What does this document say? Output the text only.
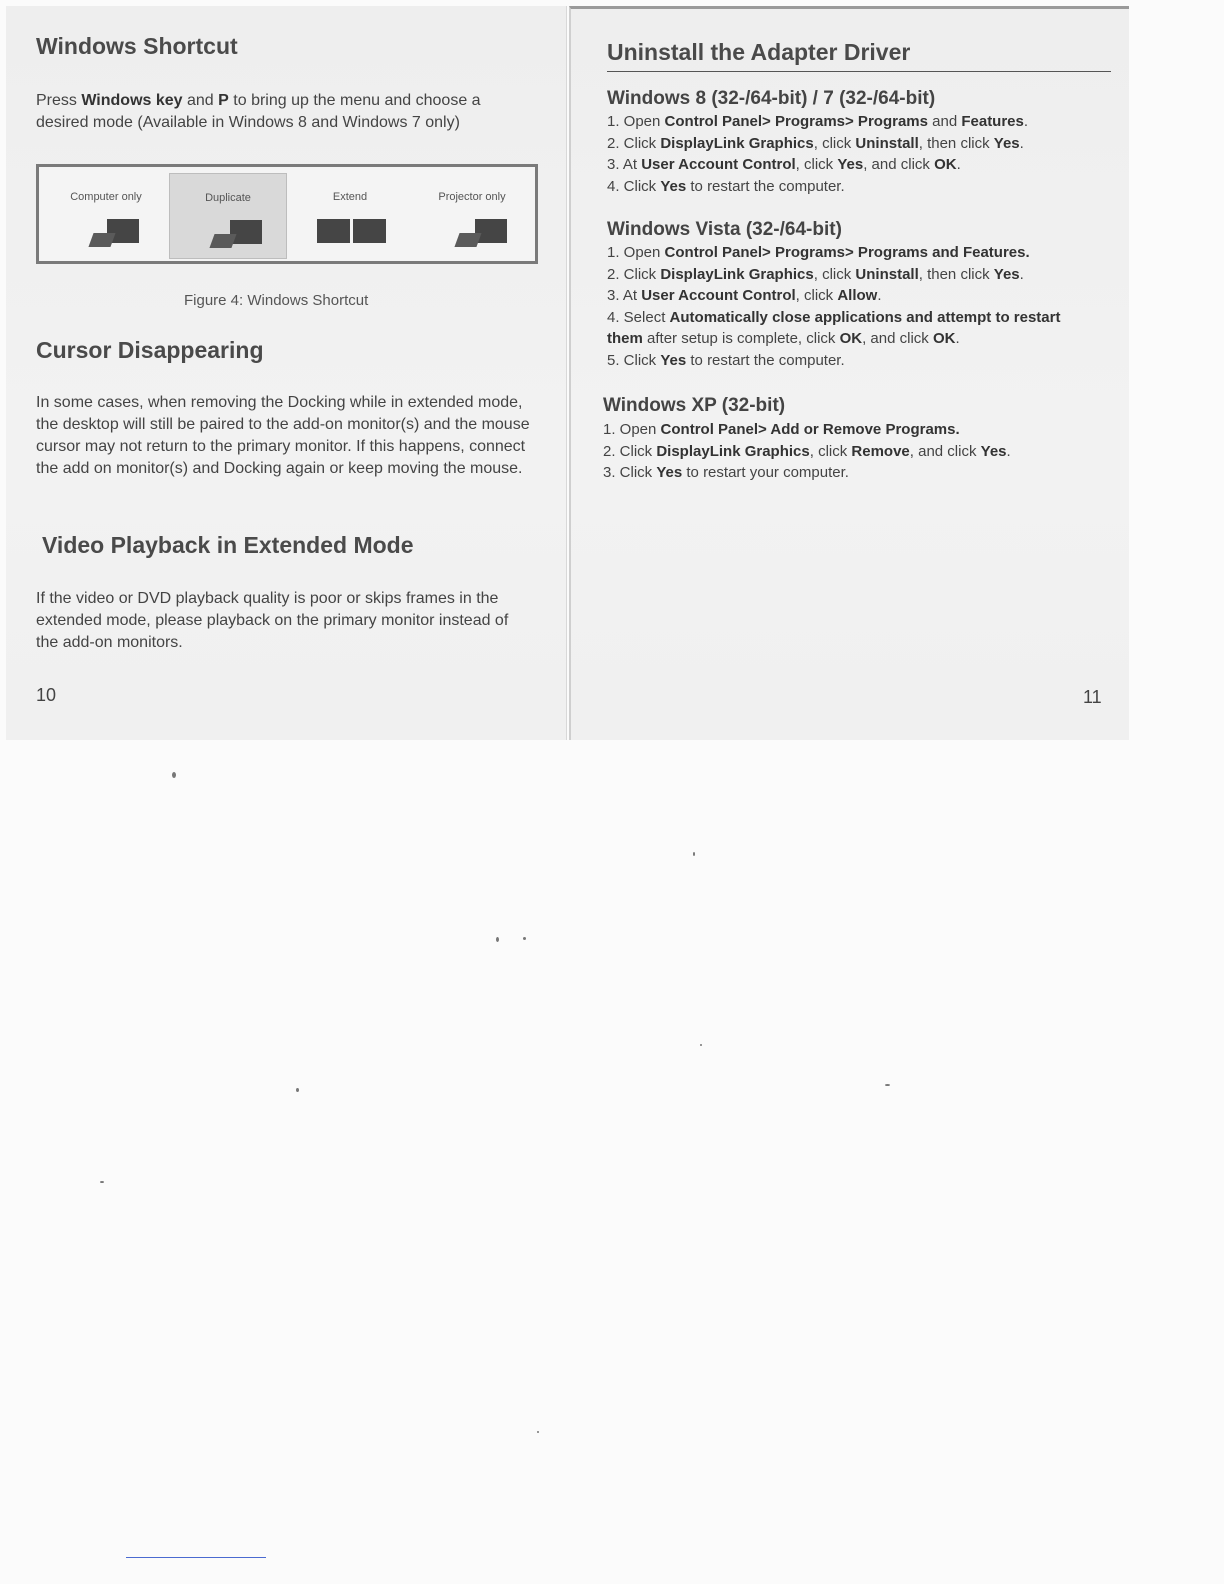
Windows Shortcut

Press Windows key and P to bring up the menu and choose a desired mode (Available in Windows 8 and Windows 7 only)

Computer only	Duplicate	Extend	Projector only
Figure 4: Windows Shortcut
Cursor Disappearing

In some cases, when removing the Docking while in extended mode, the desktop will still be paired to the add-on monitor(s) and the mouse cursor may not return to the primary monitor. If this happens, connect the add on monitor(s) and Docking again or keep moving the mouse.

Video Playback in Extended Mode

If the video or DVD playback quality is poor or skips frames in the extended mode, please playback on the primary monitor instead of the add-on monitors.

10
Uninstall the Adapter Driver
Windows 8 (32-/64-bit) / 7 (32-/64-bit)
1. Open Control Panel> Programs> Programs and Features.
2. Click DisplayLink Graphics, click Uninstall, then click Yes.
3. At User Account Control, click Yes, and click OK.
4. Click Yes to restart the computer.
Windows Vista (32-/64-bit)
1. Open Control Panel> Programs> Programs and Features.
2. Click DisplayLink Graphics, click Uninstall, then click Yes.
3. At User Account Control, click Allow.
4. Select Automatically close applications and attempt to restart them after setup is complete, click OK, and click OK.
5. Click Yes to restart the computer.
Windows XP (32-bit)
1. Open Control Panel> Add or Remove Programs.
2. Click DisplayLink Graphics, click Remove, and click Yes.
3. Click Yes to restart your computer.
11
